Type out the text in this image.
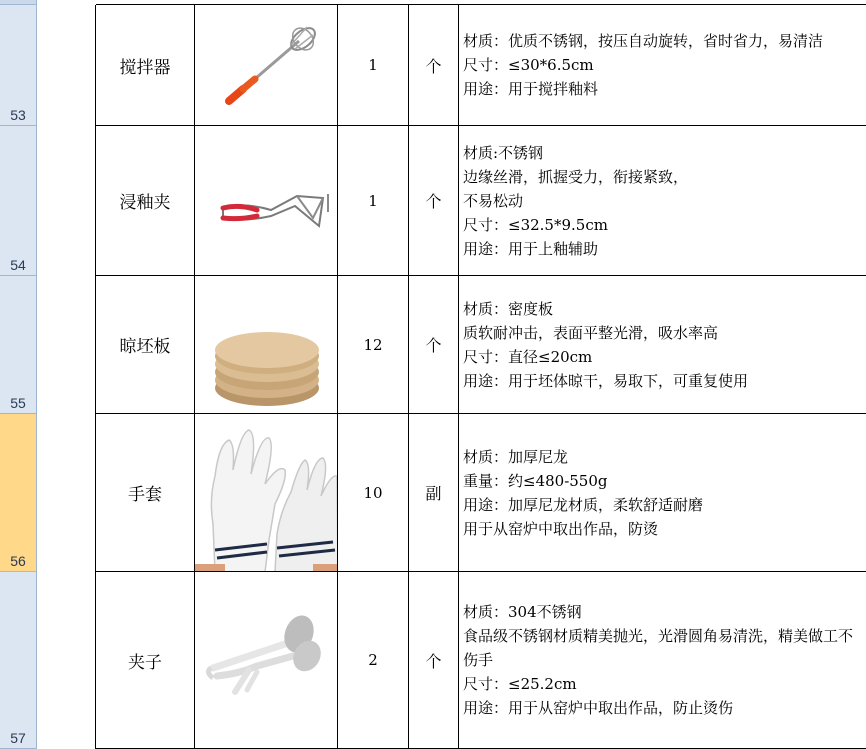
53
54
55
56
57
搅拌器	1	个
材质：优质不锈钢，按压自动旋转，省时省力，易清洁
尺寸：≤30*6.5cm
用途：用于搅拌釉料
浸釉夹	1	个
材质:不锈钢
边缘丝滑，抓握受力，衔接紧致，
不易松动
尺寸：≤32.5*9.5cm
用途：用于上釉辅助
晾坯板	12	个
材质：密度板
质软耐冲击，表面平整光滑，吸水率高
尺寸：直径≤20cm
用途：用于坯体晾干，易取下，可重复使用
手套	10	副
材质：加厚尼龙
重量：约≤480-550g
用途：加厚尼龙材质，柔软舒适耐磨
用于从窑炉中取出作品，防烫
夹子	2	个
材质：304不锈钢
食品级不锈钢材质精美抛光，光滑圆角易清洗，精美做工不伤手
尺寸：≤25.2cm
用途：用于从窑炉中取出作品，防止烫伤
